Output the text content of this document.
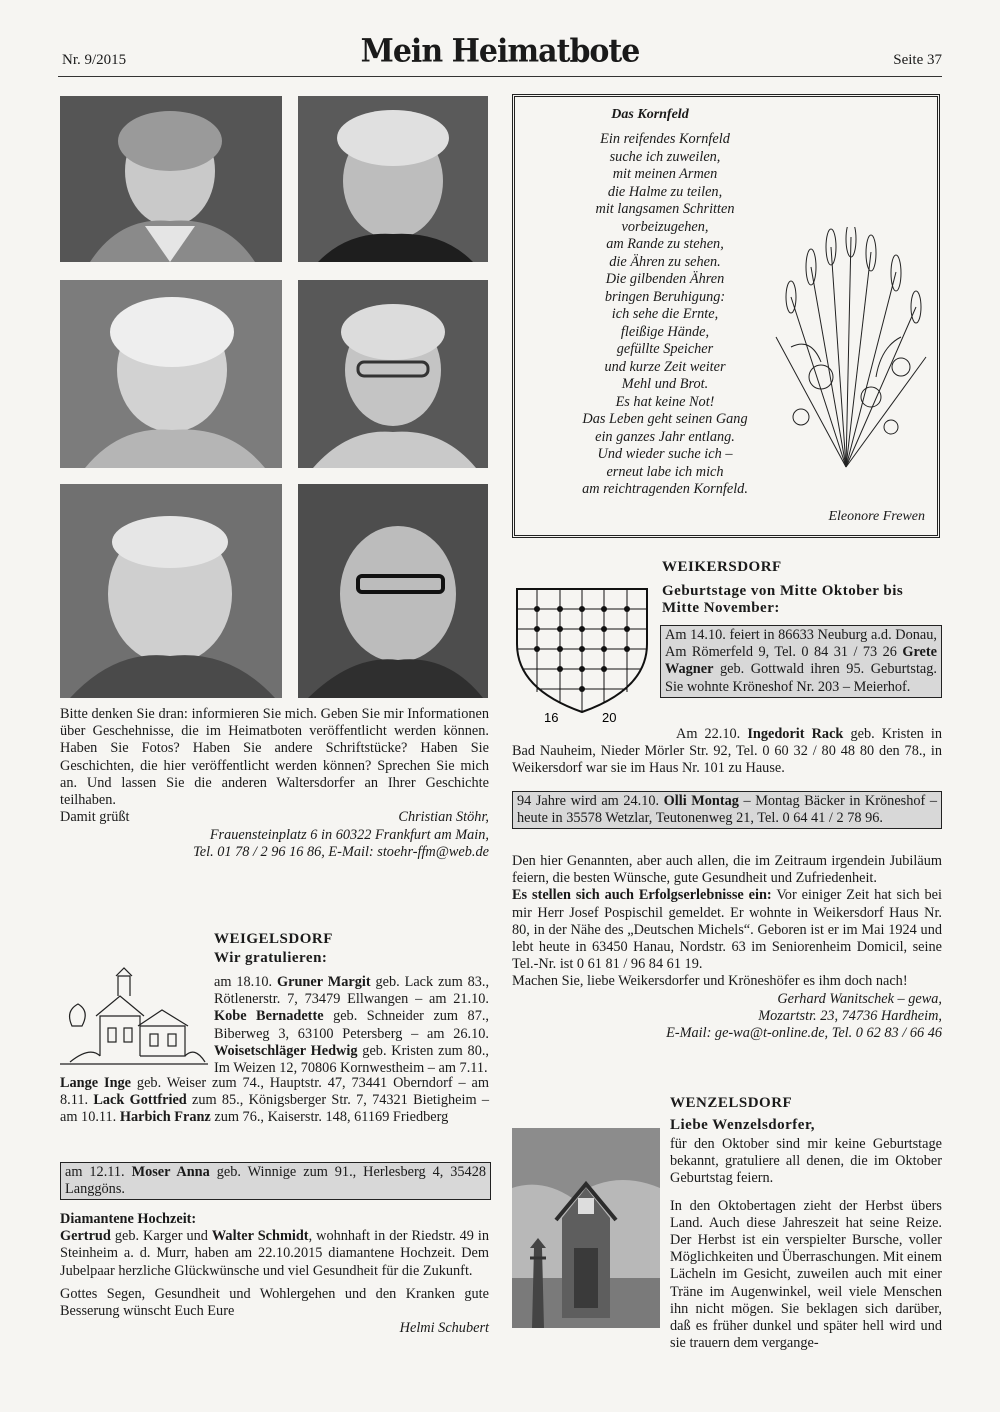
Nr. 9/2015	Mein Heimatbote	Seite 37

Bitte denken Sie dran: informieren Sie mich. Geben Sie mir Informationen über Geschehnisse, die im Heimatboten veröffentlicht werden können. Haben Sie Fotos? Haben Sie andere Schriftstücke? Haben Sie Geschichten, die hier veröffentlicht werden können? Sprechen Sie mich an. Und lassen Sie die anderen Waltersdorfer an Ihrer Geschichte teilhaben.

Damit grüßt	Christian Stöhr,

Frauensteinplatz 6 in 60322 Frankfurt am Main,

Tel. 01 78 / 2 96 16 86, E-Mail: stoehr-ffm@web.de

WEIGELSDORF
Wir gratulieren:

am 18.10. Gruner Margit geb. Lack zum 83., Rötlenerstr. 7, 73479 Ellwangen – am 21.10. Kobe Bernadette geb. Schneider zum 87., Biberweg 3, 63100 Petersberg – am 26.10. Woisetschläger Hedwig geb. Kristen zum 80., Im Weizen 12, 70806 Kornwestheim – am 7.11.

Lange Inge geb. Weiser zum 74., Hauptstr. 47, 73441 Oberndorf – am 8.11. Lack Gottfried zum 85., Königsberger Str. 7, 74321 Bietigheim – am 10.11. Harbich Franz zum 76., Kaiserstr. 148, 61169 Friedberg

am 12.11. Moser Anna geb. Winnige zum 91., Herlesberg 4, 35428 Langgöns.

Diamantene Hochzeit:

Gertrud geb. Karger und Walter Schmidt, wohnhaft in der Riedstr. 49 in Steinheim a. d. Murr, haben am 22.10.2015 diamantene Hochzeit. Dem Jubelpaar herzliche Glückwünsche und viel Gesundheit für die Zukunft.

Gottes Segen, Gesundheit und Wohlergehen und den Kranken gute Besserung wünscht Euch Eure

Helmi Schubert

Das Kornfeld
Ein reifendes Kornfeld
suche ich zuweilen,
mit meinen Armen
die Halme zu teilen,
mit langsamen Schritten
vorbeizugehen,
am Rande zu stehen,
die Ähren zu sehen.
Die gilbenden Ähren
bringen Beruhigung:
ich sehe die Ernte,
fleißige Hände,
gefüllte Speicher
und kurze Zeit weiter
Mehl und Brot.
Es hat keine Not!
Das Leben geht seinen Gang
ein ganzes Jahr entlang.
Und wieder suche ich –
erneut labe ich mich
am reichtragenden Kornfeld.
Eleonore Frewen
WEIKERSDORF
16	20
Geburtstage von Mitte Oktober bis Mitte November:
Am 14.10. feiert in 86633 Neuburg a.d. Donau, Am Römerfeld 9, Tel. 0 84 31 / 73 26 Grete Wagner geb. Gottwald ihren 95. Geburtstag. Sie wohnte Kröneshof Nr. 203 – Meierhof.
Am 22.10. Ingedorit Rack geb. Kristen in Bad Nauheim, Nieder Mörler Str. 92, Tel. 0 60 32 / 80 48 80 den 78., in Weikersdorf war sie im Haus Nr. 101 zu Hause.
94 Jahre wird am 24.10. Olli Montag – Montag Bäcker in Kröneshof – heute in 35578 Wetzlar, Teutonenweg 21, Tel. 0 64 41 / 2 78 96.

Den hier Genannten, aber auch allen, die im Zeitraum irgendein Jubiläum feiern, die besten Wünsche, gute Gesundheit und Zufriedenheit.

Es stellen sich auch Erfolgserlebnisse ein: Vor einiger Zeit hat sich bei mir Herr Josef Pospischil gemeldet. Er wohnte in Weikersdorf Haus Nr. 80, in der Nähe des „Deutschen Michels“. Geboren ist er im Mai 1924 und lebt heute in 63450 Hanau, Nordstr. 63 im Seniorenheim Domicil, seine Tel.-Nr. ist 0 61 81 / 96 84 61 19.

Machen Sie, liebe Weikersdorfer und Kröneshöfer es ihm doch nach!

Gerhard Wanitschek – gewa,

Mozartstr. 23, 74736 Hardheim,

E-Mail: ge-wa@t-online.de, Tel. 0 62 83 / 66 46

WENZELSDORF
Liebe Wenzelsdorfer,

für den Oktober sind mir keine Geburtstage bekannt, gratuliere all denen, die im Oktober Geburtstag feiern.

In den Oktobertagen zieht der Herbst übers Land. Auch diese Jahreszeit hat seine Reize. Der Herbst ist ein verspielter Bursche, voller Möglichkeiten und Überraschungen. Mit einem Lächeln im Gesicht, zuweilen auch mit einer Träne im Augenwinkel, weil viele Menschen ihn nicht mögen. Sie beklagen sich darüber, daß es früher dunkel und später hell wird und sie trauern dem vergange-
